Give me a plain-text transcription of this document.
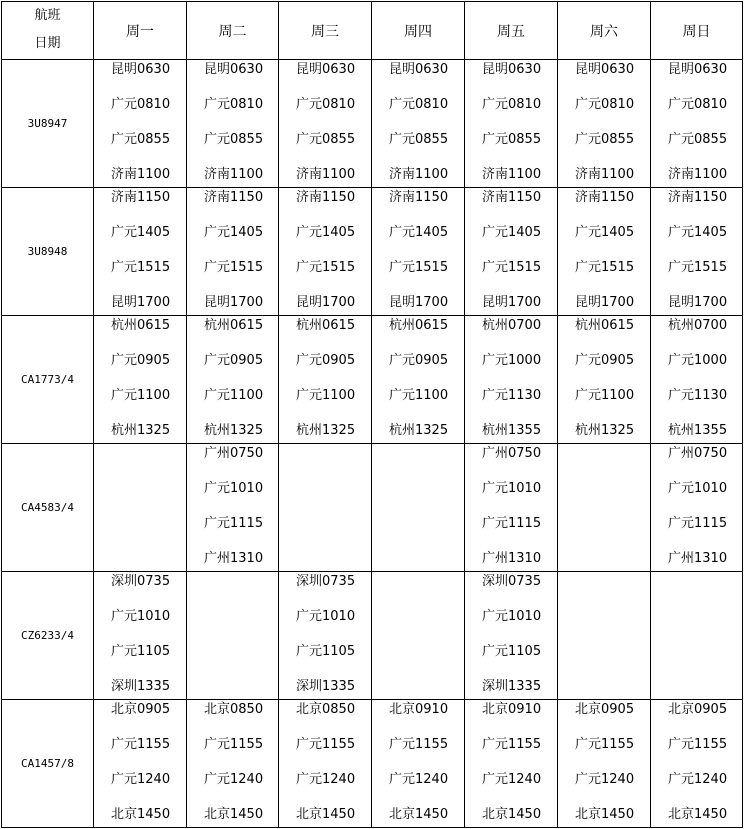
航班
日期	周一	周二	周三	周四	周五	周六	周日
3U8947	昆明0630
广元0810
广元0855
济南1100	昆明0630
广元0810
广元0855
济南1100	昆明0630
广元0810
广元0855
济南1100	昆明0630
广元0810
广元0855
济南1100	昆明0630
广元0810
广元0855
济南1100	昆明0630
广元0810
广元0855
济南1100	昆明0630
广元0810
广元0855
济南1100

3U8948	济南1150
广元1405
广元1515
昆明1700	济南1150
广元1405
广元1515
昆明1700	济南1150
广元1405
广元1515
昆明1700	济南1150
广元1405
广元1515
昆明1700	济南1150
广元1405
广元1515
昆明1700	济南1150
广元1405
广元1515
昆明1700	济南1150
广元1405
广元1515
昆明1700

CA1773/4	杭州0615
广元0905
广元1100
杭州1325	杭州0615
广元0905
广元1100
杭州1325	杭州0615
广元0905
广元1100
杭州1325	杭州0615
广元0905
广元1100
杭州1325	杭州0700
广元1000
广元1130
杭州1355	杭州0615
广元0905
广元1100
杭州1325	杭州0700
广元1000
广元1130
杭州1355

CA4583/4		广州0750
广元1010
广元1115
广州1310			广州0750
广元1010
广元1115
广州1310		广州0750
广元1010
广元1115
广州1310

CZ6233/4	深圳0735
广元1010
广元1105
深圳1335		深圳0735
广元1010
广元1105
深圳1335		深圳0735
广元1010
广元1105
深圳1335		

CA1457/8	北京0905
广元1155
广元1240
北京1450	北京0850
广元1155
广元1240
北京1450	北京0850
广元1155
广元1240
北京1450	北京0910
广元1155
广元1240
北京1450	北京0910
广元1155
广元1240
北京1450	北京0905
广元1155
广元1240
北京1450	北京0905
广元1155
广元1240
北京1450
